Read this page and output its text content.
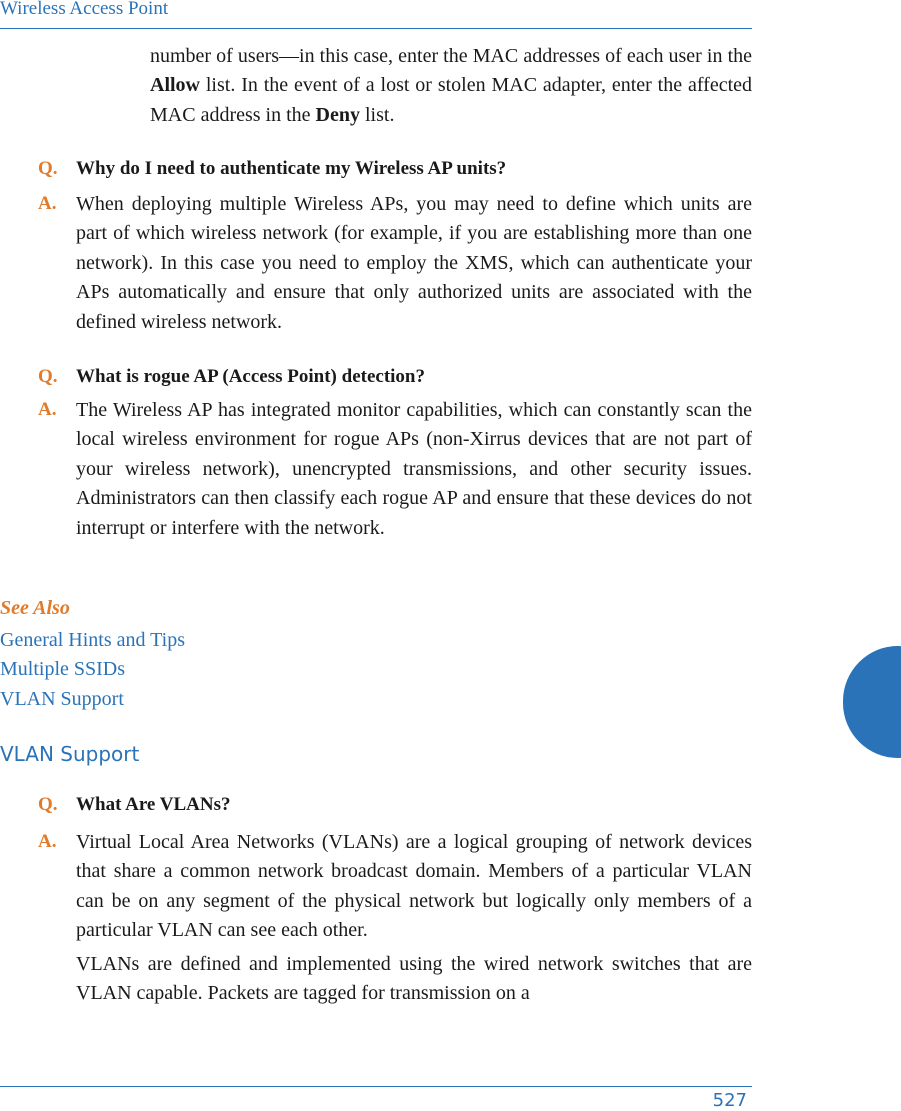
Wireless Access Point

number of users—in this case, enter the MAC addresses of each user in the Allow list. In the event of a lost or stolen MAC adapter, enter the affected MAC address in the Deny list.

Q. Why do I need to authenticate my Wireless AP units?
A. When deploying multiple Wireless APs, you may need to define which units are part of which wireless network (for example, if you are establishing more than one network). In this case you need to employ the XMS, which can authenticate your APs automatically and ensure that only authorized units are associated with the defined wireless network.

Q. What is rogue AP (Access Point) detection?
A. The Wireless AP has integrated monitor capabilities, which can constantly scan the local wireless environment for rogue APs (non-Xirrus devices that are not part of your wireless network), unencrypted transmissions, and other security issues. Administrators can then classify each rogue AP and ensure that these devices do not interrupt or interfere with the network.

See Also
General Hints and Tips
Multiple SSIDs
VLAN Support
VLAN Support
Q. What Are VLANs?
A. Virtual Local Area Networks (VLANs) are a logical grouping of network devices that share a common network broadcast domain. Members of a particular VLAN can be on any segment of the physical network but logically only members of a particular VLAN can see each other.

VLANs are defined and implemented using the wired network switches that are VLAN capable. Packets are tagged for transmission on a

527
